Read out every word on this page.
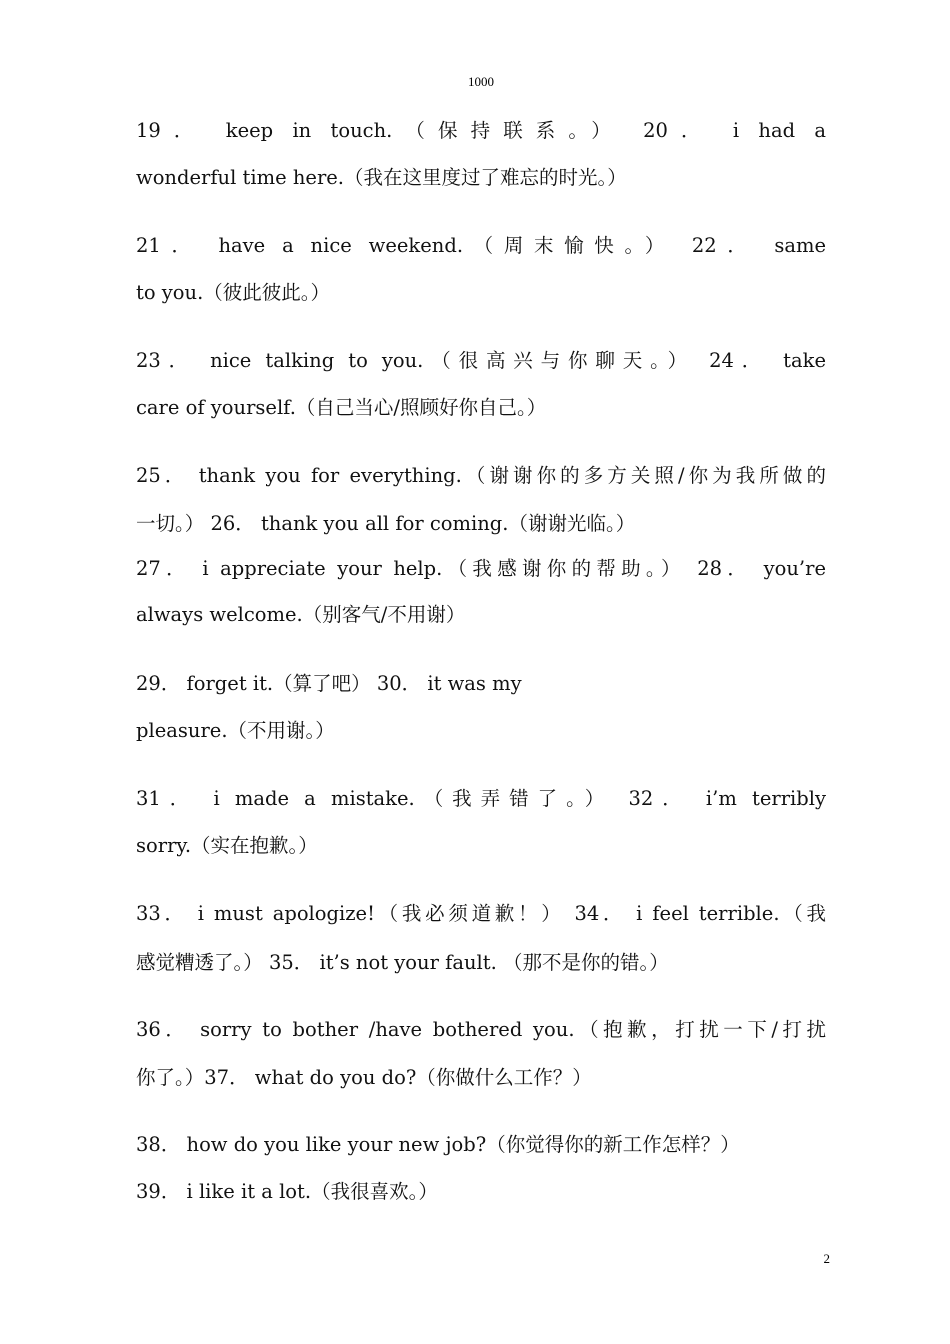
1000
19． keep in touch.（保持联系。） 20． i had a
wonderful time here.（我在这里度过了难忘的时光。）
21． have a nice weekend.（周末愉快。） 22． same
to you.（彼此彼此。）
23． nice talking to you.（很高兴与你聊天。） 24． take
care of yourself.（自己当心/照顾好你自己。）
25． thank you for everything.（谢谢你的多方关照/你为我所做的
一切。） 26． thank you all for coming.（谢谢光临。）
27． i appreciate your help.（我感谢你的帮助。） 28． you’re
always welcome.（别客气/不用谢）
29． forget it.（算了吧） 30． it was my
pleasure.（不用谢。）
31． i made a mistake.（我弄错了。） 32． i’m terribly
sorry.（实在抱歉。）
33． i must apologize!（我必须道歉！） 34． i feel terrible.（我
感觉糟透了。） 35． it’s not your fault. （那不是你的错。）
36． sorry to bother /have bothered you.（抱歉，打扰一下/打扰
你了。）37． what do you do?（你做什么工作？）
38． how do you like your new job?（你觉得你的新工作怎样？）
39． i like it a lot.（我很喜欢。）
2
